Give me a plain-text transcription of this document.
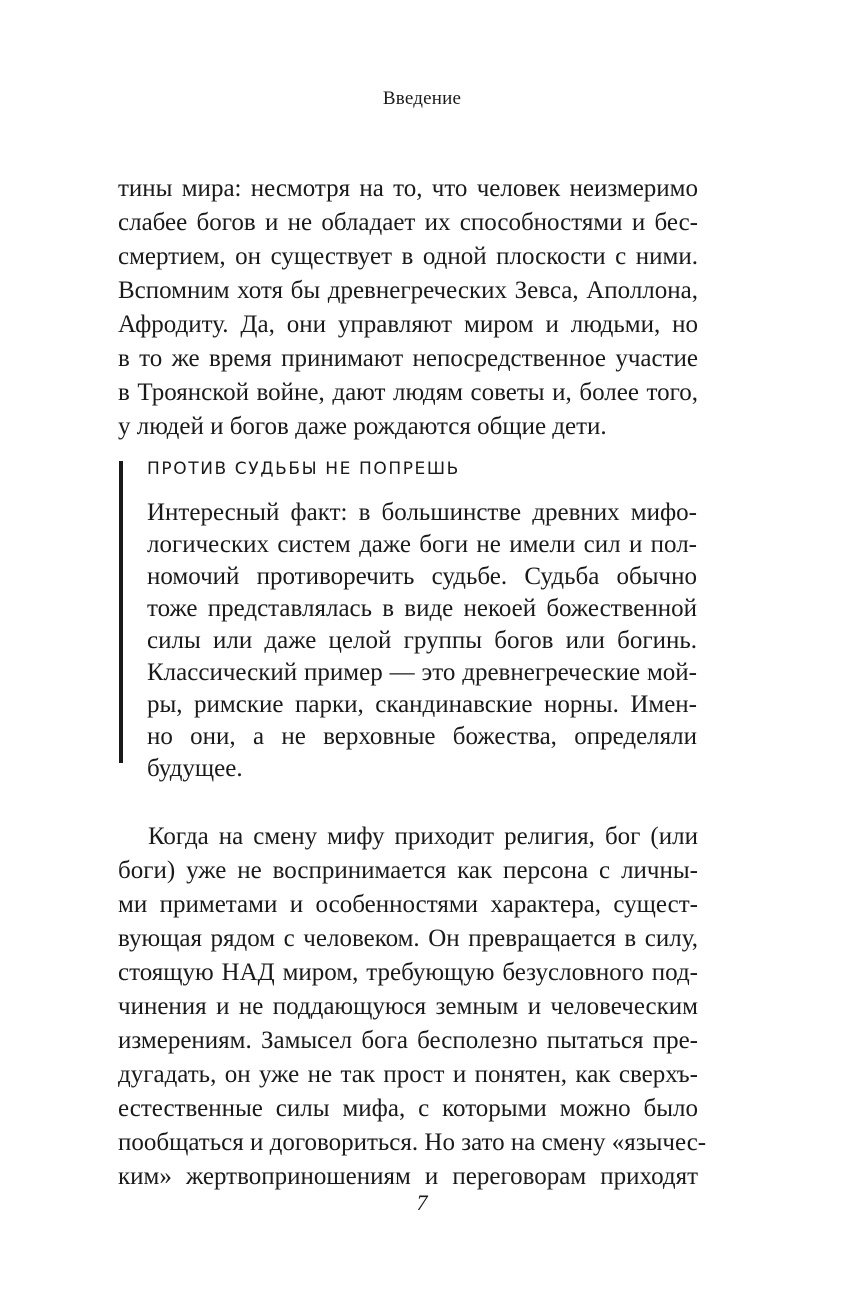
Введение
тины мира: несмотря на то, что человек неизмеримо
слабее богов и не обладает их способностями и бес-
смертием, он существует в одной плоскости с ними.
Вспомним хотя бы древнегреческих Зевса, Аполлона,
Афродиту. Да, они управляют миром и людьми, но
в то же время принимают непосредственное участие
в Троянской войне, дают людям советы и, более того,
у людей и богов даже рождаются общие дети.
ПРОТИВ СУДЬБЫ НЕ ПОПРЕШЬ
Интересный факт: в большинстве древних мифо-
логических систем даже боги не имели сил и пол-
номочий противоречить судьбе. Судьба обычно
тоже представлялась в виде некоей божественной
силы или даже целой группы богов или богинь.
Классический пример — это древнегреческие мой-
ры, римские парки, скандинавские норны. Имен-
но они, а не верховные божества, определяли
будущее.
Когда на смену мифу приходит религия, бог (или
боги) уже не воспринимается как персона с личны-
ми приметами и особенностями характера, сущест-
вующая рядом с человеком. Он превращается в силу,
стоящую НАД миром, требующую безусловного под-
чинения и не поддающуюся земным и человеческим
измерениям. Замысел бога бесполезно пытаться пре-
дугадать, он уже не так прост и понятен, как сверхъ-
естественные силы мифа, с которыми можно было
пообщаться и договориться. Но зато на смену «язычес-
ким» жертвоприношениям и переговорам приходят
7
